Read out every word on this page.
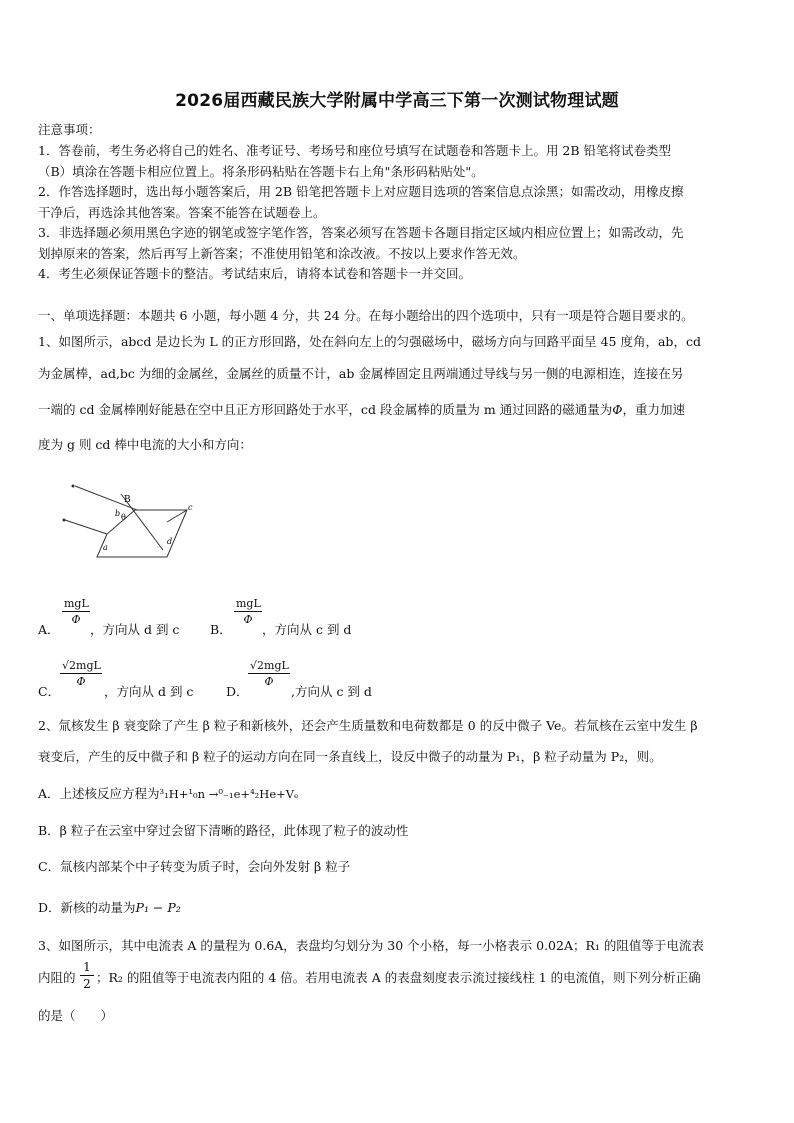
2026届西藏民族大学附属中学高三下第一次测试物理试题
注意事项：
1．答卷前，考生务必将自己的姓名、准考证号、考场号和座位号填写在试题卷和答题卡上。用 2B 铅笔将试卷类型
（B）填涂在答题卡相应位置上。将条形码粘贴在答题卡右上角"条形码粘贴处"。
2．作答选择题时，选出每小题答案后，用 2B 铅笔把答题卡上对应题目选项的答案信息点涂黑；如需改动，用橡皮擦
干净后，再选涂其他答案。答案不能答在试题卷上。
3．非选择题必须用黑色字迹的钢笔或签字笔作答，答案必须写在答题卡各题目指定区域内相应位置上；如需改动，先
划掉原来的答案，然后再写上新答案；不准使用铅笔和涂改液。不按以上要求作答无效。
4．考生必须保证答题卡的整洁。考试结束后，请将本试卷和答题卡一并交回。
一、单项选择题：本题共 6 小题，每小题 4 分，共 24 分。在每小题给出的四个选项中，只有一项是符合题目要求的。
1、如图所示，abcd 是边长为 L 的正方形回路，处在斜向左上的匀强磁场中，磁场方向与回路平面呈 45 度角，ab，cd
为金属棒，ad,bc 为细的金属丝，金属丝的质量不计，ab 金属棒固定且两端通过导线与另一侧的电源相连，连接在另
一端的 cd 金属棒刚好能悬在空中且正方形回路处于水平，cd 段金属棒的质量为 m 通过回路的磁通量为Φ，重力加速
度为 g 则 cd 棒中电流的大小和方向：
B
θ
b
c
a
d
A．
mgL
Φ
，方向从 d 到 c B．
mgL
Φ
，方向从 c 到 d
C．
√2mgL
Φ
，方向从 d 到 c	D．
√2mgL
Φ
,方向从 c 到 d
2、氚核发生 β 衰变除了产生 β 粒子和新核外，还会产生质量数和电荷数都是 0 的反中微子 Ve。若氚核在云室中发生 β
衰变后，产生的反中微子和 β 粒子的运动方向在同一条直线上，设反中微子的动量为 P₁，β 粒子动量为 P₂，则。
A．上述核反应方程为³₁H+¹₀n →⁰₋₁e+⁴₂He+Vₑ
B．β 粒子在云室中穿过会留下清晰的路径，此体现了粒子的波动性
C．氚核内部某个中子转变为质子时，会向外发射 β 粒子
D．新核的动量为P₁ − P₂
3、如图所示，其中电流表 A 的量程为 0.6A，表盘均匀划分为 30 个小格，每一小格表示 0.02A；R₁ 的阻值等于电流表
内阻的
1
2 ；R₂ 的阻值等于电流表内阻的 4 倍。若用电流表 A 的表盘刻度表示流过接线柱 1 的电流值，则下列分析正确
的是（　　）
